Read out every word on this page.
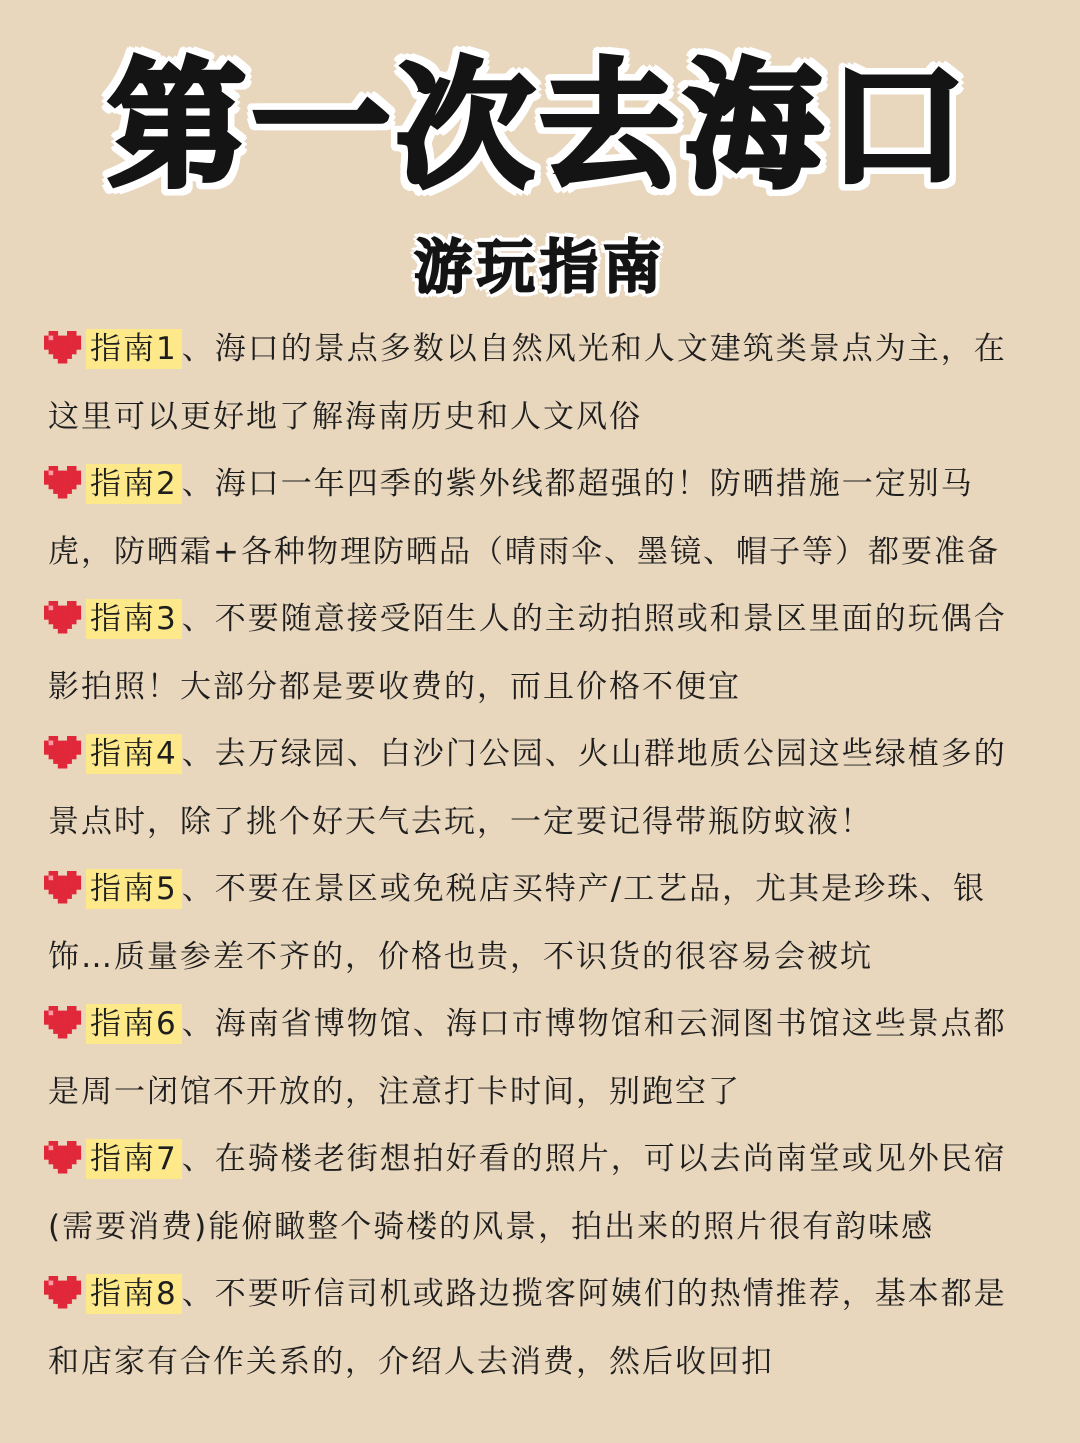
第一次去海口
游玩指南

指南1 、海口的景点多数以自然风光和人文建筑类景点为主，在这里可以更好地了解海南历史和人文风俗

指南2 、海口一年四季的紫外线都超强的！防晒措施一定别马虎，防晒霜+各种物理防晒品（晴雨伞、墨镜、帽子等）都要准备

指南3 、不要随意接受陌生人的主动拍照或和景区里面的玩偶合影拍照！大部分都是要收费的，而且价格不便宜

指南4 、去万绿园、白沙门公园、火山群地质公园这些绿植多的景点时，除了挑个好天气去玩，一定要记得带瓶防蚊液！

指南5 、不要在景区或免税店买特产/工艺品，尤其是珍珠、银饰…质量参差不齐的，价格也贵，不识货的很容易会被坑

指南6 、海南省博物馆、海口市博物馆和云洞图书馆这些景点都是周一闭馆不开放的，注意打卡时间，别跑空了

指南7 、在骑楼老街想拍好看的照片，可以去尚南堂或见外民宿(需要消费)能俯瞰整个骑楼的风景，拍出来的照片很有韵味感

指南8 、不要听信司机或路边揽客阿姨们的热情推荐，基本都是和店家有合作关系的，介绍人去消费，然后收回扣
